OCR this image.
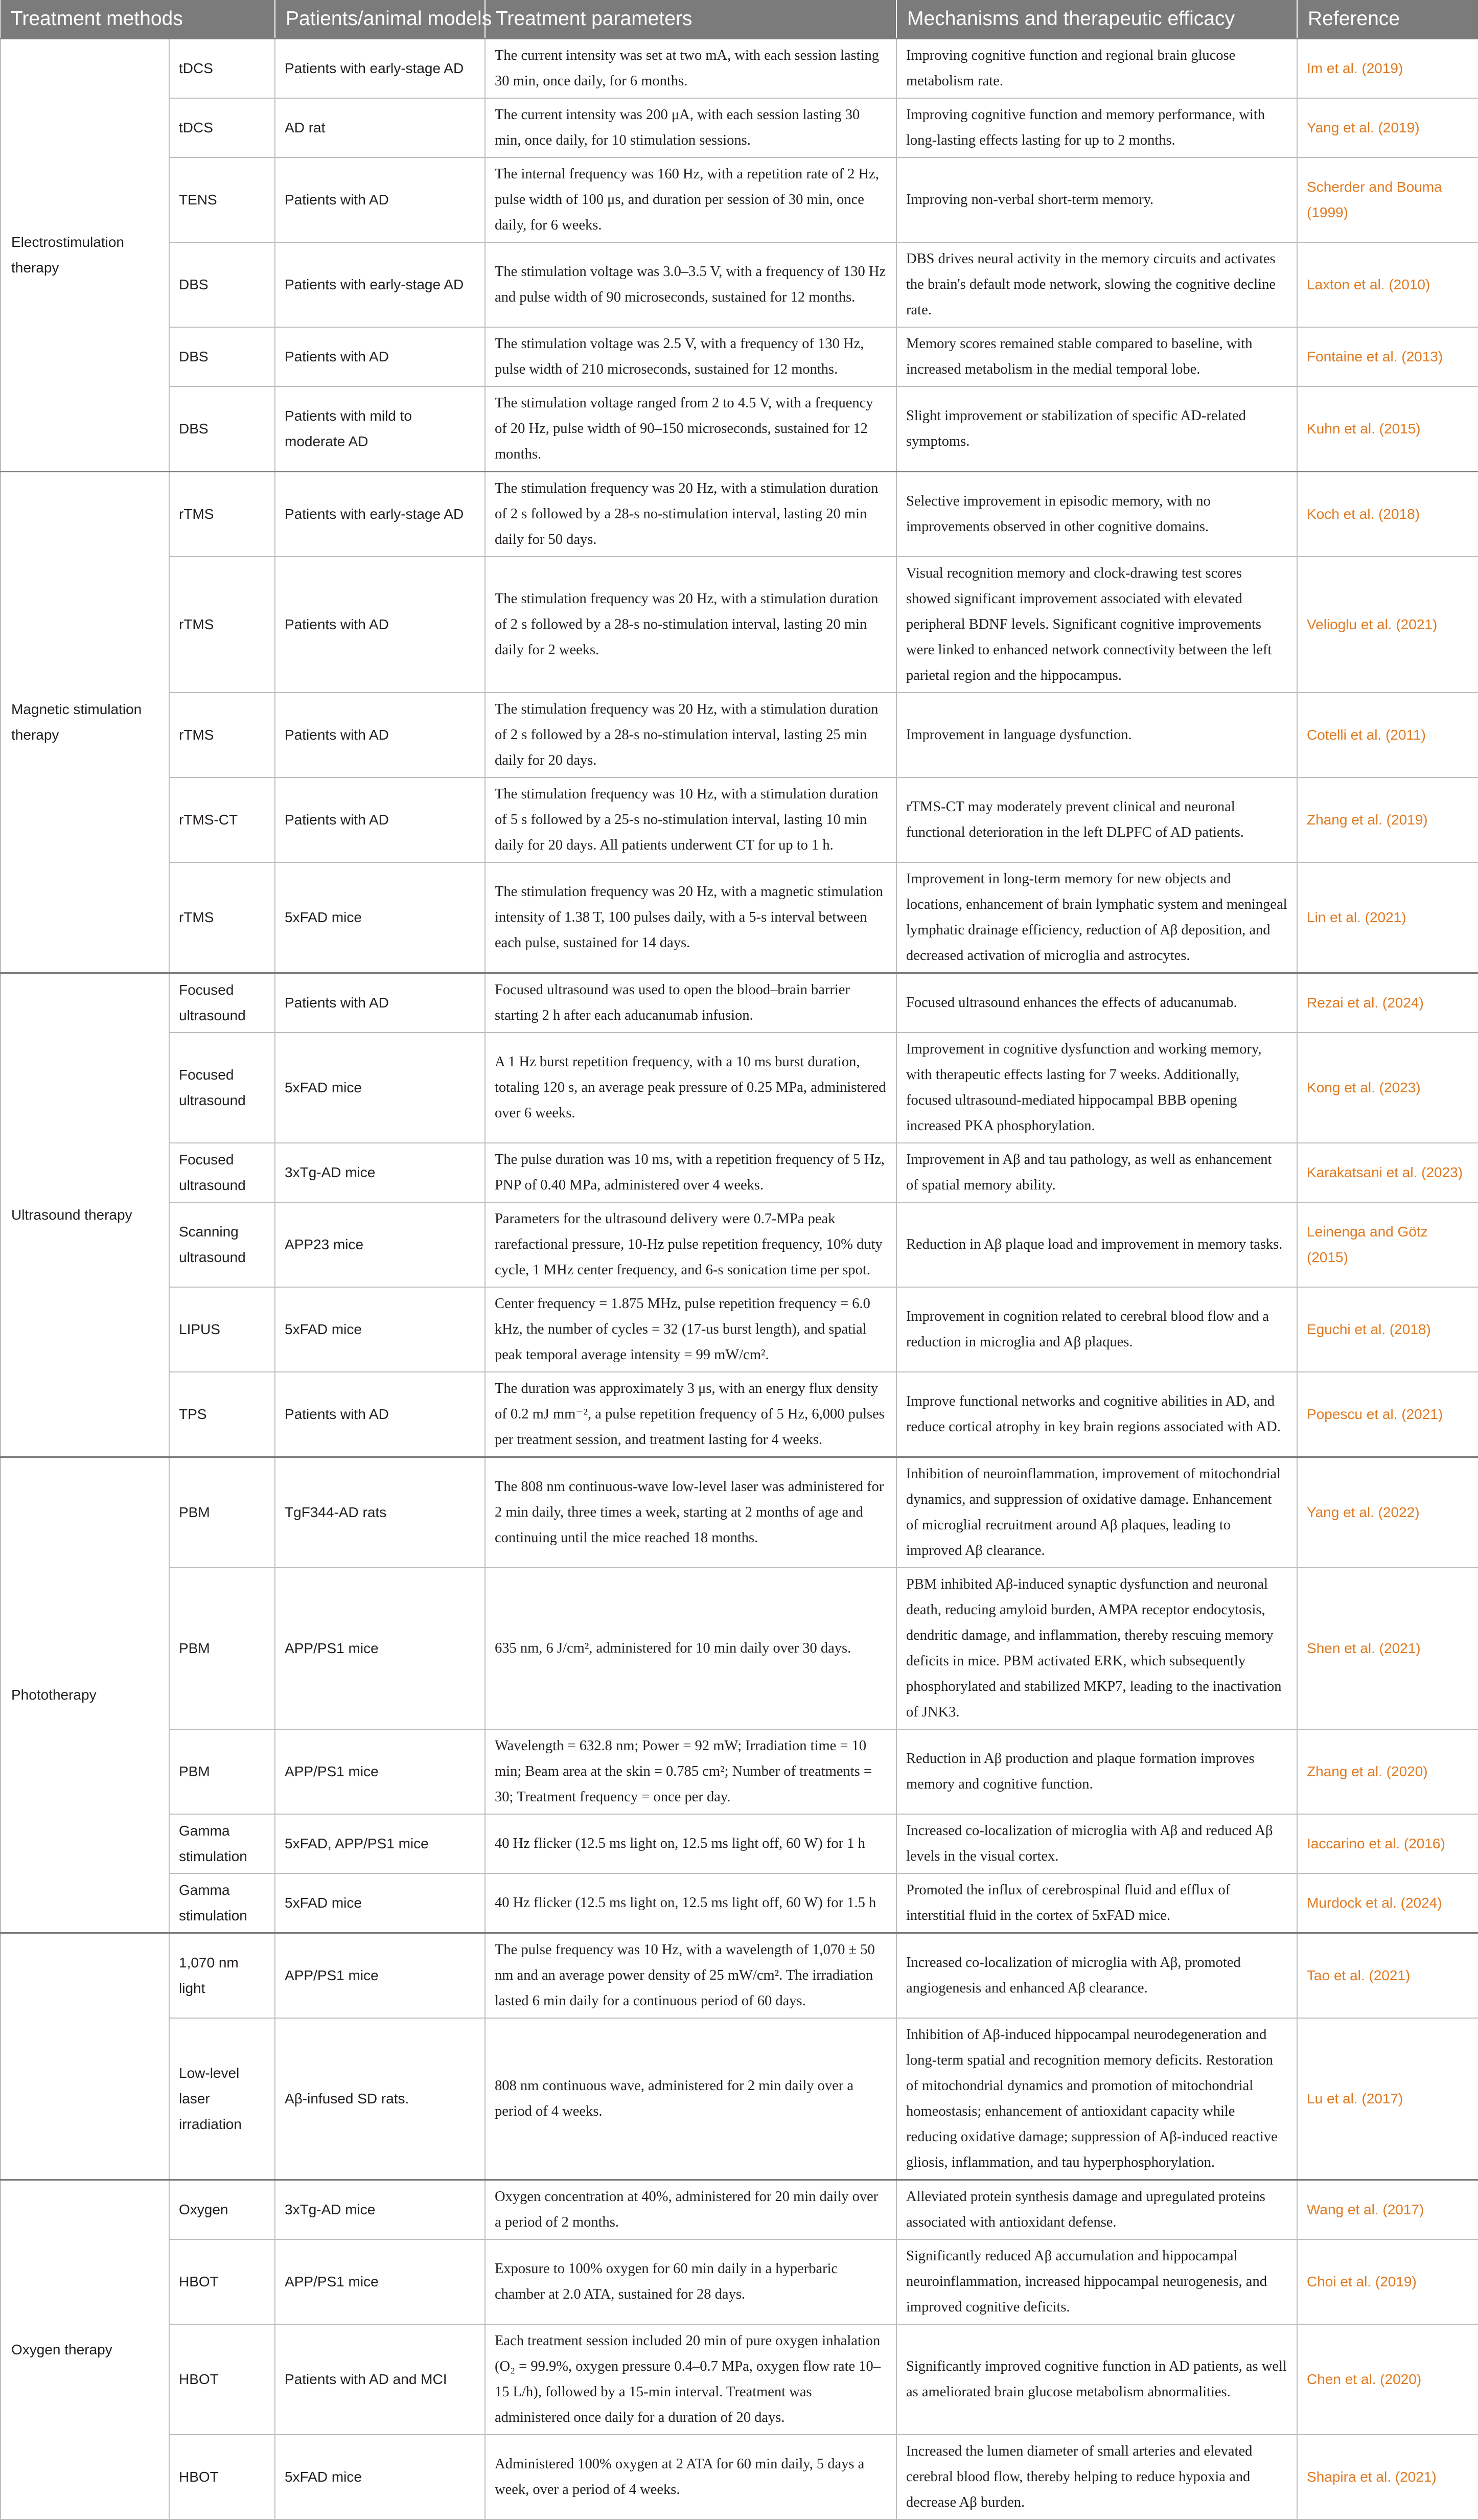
Treatment methods		Patients/animal models	Treatment parameters	Mechanisms and therapeutic efficacy	Reference
Electrostimulation therapy	tDCS	Patients with early-stage AD	The current intensity was set at two mA, with each session lasting 30 min, once daily, for 6 months.	Improving cognitive function and regional brain glucose metabolism rate.	Im et al. (2019)
	tDCS	AD rat	The current intensity was 200 μA, with each session lasting 30 min, once daily, for 10 stimulation sessions.	Improving cognitive function and memory performance, with long-lasting effects lasting for up to 2 months.	Yang et al. (2019)
	TENS	Patients with AD	The internal frequency was 160 Hz, with a repetition rate of 2 Hz, pulse width of 100 μs, and duration per session of 30 min, once daily, for 6 weeks.	Improving non-verbal short-term memory.	Scherder and Bouma (1999)
	DBS	Patients with early-stage AD	The stimulation voltage was 3.0–3.5 V, with a frequency of 130 Hz and pulse width of 90 microseconds, sustained for 12 months.	DBS drives neural activity in the memory circuits and activates the brain's default mode network, slowing the cognitive decline rate.	Laxton et al. (2010)
	DBS	Patients with AD	The stimulation voltage was 2.5 V, with a frequency of 130 Hz, pulse width of 210 microseconds, sustained for 12 months.	Memory scores remained stable compared to baseline, with increased metabolism in the medial temporal lobe.	Fontaine et al. (2013)
	DBS	Patients with mild to moderate AD	The stimulation voltage ranged from 2 to 4.5 V, with a frequency of 20 Hz, pulse width of 90–150 microseconds, sustained for 12 months.	Slight improvement or stabilization of specific AD-related symptoms.	Kuhn et al. (2015)
Magnetic stimulation therapy	rTMS	Patients with early-stage AD	The stimulation frequency was 20 Hz, with a stimulation duration of 2 s followed by a 28-s no-stimulation interval, lasting 20 min daily for 50 days.	Selective improvement in episodic memory, with no improvements observed in other cognitive domains.	Koch et al. (2018)
	rTMS	Patients with AD	The stimulation frequency was 20 Hz, with a stimulation duration of 2 s followed by a 28-s no-stimulation interval, lasting 20 min daily for 2 weeks.	Visual recognition memory and clock-drawing test scores showed significant improvement associated with elevated peripheral BDNF levels. Significant cognitive improvements were linked to enhanced network connectivity between the left parietal region and the hippocampus.	Velioglu et al. (2021)
	rTMS	Patients with AD	The stimulation frequency was 20 Hz, with a stimulation duration of 2 s followed by a 28-s no-stimulation interval, lasting 25 min daily for 20 days.	Improvement in language dysfunction.	Cotelli et al. (2011)
	rTMS-CT	Patients with AD	The stimulation frequency was 10 Hz, with a stimulation duration of 5 s followed by a 25-s no-stimulation interval, lasting 10 min daily for 20 days. All patients underwent CT for up to 1 h.	rTMS-CT may moderately prevent clinical and neuronal functional deterioration in the left DLPFC of AD patients.	Zhang et al. (2019)
	rTMS	5xFAD mice	The stimulation frequency was 20 Hz, with a magnetic stimulation intensity of 1.38 T, 100 pulses daily, with a 5-s interval between each pulse, sustained for 14 days.	Improvement in long-term memory for new objects and locations, enhancement of brain lymphatic system and meningeal lymphatic drainage efficiency, reduction of Aβ deposition, and decreased activation of microglia and astrocytes.	Lin et al. (2021)
Ultrasound therapy	Focused ultrasound	Patients with AD	Focused ultrasound was used to open the blood–brain barrier starting 2 h after each aducanumab infusion.	Focused ultrasound enhances the effects of aducanumab.	Rezai et al. (2024)
	Focused ultrasound	5xFAD mice	A 1 Hz burst repetition frequency, with a 10 ms burst duration, totaling 120 s, an average peak pressure of 0.25 MPa, administered over 6 weeks.	Improvement in cognitive dysfunction and working memory, with therapeutic effects lasting for 7 weeks. Additionally, focused ultrasound-mediated hippocampal BBB opening increased PKA phosphorylation.	Kong et al. (2023)
	Focused ultrasound	3xTg-AD mice	The pulse duration was 10 ms, with a repetition frequency of 5 Hz, PNP of 0.40 MPa, administered over 4 weeks.	Improvement in Aβ and tau pathology, as well as enhancement of spatial memory ability.	Karakatsani et al. (2023)
	Scanning ultrasound	APP23 mice	Parameters for the ultrasound delivery were 0.7-MPa peak rarefactional pressure, 10-Hz pulse repetition frequency, 10% duty cycle, 1 MHz center frequency, and 6-s sonication time per spot.	Reduction in Aβ plaque load and improvement in memory tasks.	Leinenga and Götz (2015)
	LIPUS	5xFAD mice	Center frequency = 1.875 MHz, pulse repetition frequency = 6.0 kHz, the number of cycles = 32 (17-us burst length), and spatial peak temporal average intensity = 99 mW/cm².	Improvement in cognition related to cerebral blood flow and a reduction in microglia and Aβ plaques.	Eguchi et al. (2018)
	TPS	Patients with AD	The duration was approximately 3 μs, with an energy flux density of 0.2 mJ mm⁻², a pulse repetition frequency of 5 Hz, 6,000 pulses per treatment session, and treatment lasting for 4 weeks.	Improve functional networks and cognitive abilities in AD, and reduce cortical atrophy in key brain regions associated with AD.	Popescu et al. (2021)
Phototherapy	PBM	TgF344-AD rats	The 808 nm continuous-wave low-level laser was administered for 2 min daily, three times a week, starting at 2 months of age and continuing until the mice reached 18 months.	Inhibition of neuroinflammation, improvement of mitochondrial dynamics, and suppression of oxidative damage. Enhancement of microglial recruitment around Aβ plaques, leading to improved Aβ clearance.	Yang et al. (2022)
	PBM	APP/PS1 mice	635 nm, 6 J/cm², administered for 10 min daily over 30 days.	PBM inhibited Aβ-induced synaptic dysfunction and neuronal death, reducing amyloid burden, AMPA receptor endocytosis, dendritic damage, and inflammation, thereby rescuing memory deficits in mice. PBM activated ERK, which subsequently phosphorylated and stabilized MKP7, leading to the inactivation of JNK3.	Shen et al. (2021)
	PBM	APP/PS1 mice	Wavelength = 632.8 nm; Power = 92 mW; Irradiation time = 10 min; Beam area at the skin = 0.785 cm²; Number of treatments = 30; Treatment frequency = once per day.	Reduction in Aβ production and plaque formation improves memory and cognitive function.	Zhang et al. (2020)
	Gamma stimulation	5xFAD, APP/PS1 mice	40 Hz flicker (12.5 ms light on, 12.5 ms light off, 60 W) for 1 h	Increased co-localization of microglia with Aβ and reduced Aβ levels in the visual cortex.	Iaccarino et al. (2016)
	Gamma stimulation	5xFAD mice	40 Hz flicker (12.5 ms light on, 12.5 ms light off, 60 W) for 1.5 h	Promoted the influx of cerebrospinal fluid and efflux of interstitial fluid in the cortex of 5xFAD mice.	Murdock et al. (2024)
	1,070 nm light	APP/PS1 mice	The pulse frequency was 10 Hz, with a wavelength of 1,070 ± 50 nm and an average power density of 25 mW/cm². The irradiation lasted 6 min daily for a continuous period of 60 days.	Increased co-localization of microglia with Aβ, promoted angiogenesis and enhanced Aβ clearance.	Tao et al. (2021)
	Low-level laser irradiation	Aβ-infused SD rats.	808 nm continuous wave, administered for 2 min daily over a period of 4 weeks.	Inhibition of Aβ-induced hippocampal neurodegeneration and long-term spatial and recognition memory deficits. Restoration of mitochondrial dynamics and promotion of mitochondrial homeostasis; enhancement of antioxidant capacity while reducing oxidative damage; suppression of Aβ-induced reactive gliosis, inflammation, and tau hyperphosphorylation.	Lu et al. (2017)
Oxygen therapy	Oxygen	3xTg-AD mice	Oxygen concentration at 40%, administered for 20 min daily over a period of 2 months.	Alleviated protein synthesis damage and upregulated proteins associated with antioxidant defense.	Wang et al. (2017)
	HBOT	APP/PS1 mice	Exposure to 100% oxygen for 60 min daily in a hyperbaric chamber at 2.0 ATA, sustained for 28 days.	Significantly reduced Aβ accumulation and hippocampal neuroinflammation, increased hippocampal neurogenesis, and improved cognitive deficits.	Choi et al. (2019)
	HBOT	Patients with AD and MCI	Each treatment session included 20 min of pure oxygen inhalation (O₂ = 99.9%, oxygen pressure 0.4–0.7 MPa, oxygen flow rate 10–15 L/h), followed by a 15-min interval. Treatment was administered once daily for a duration of 20 days.	Significantly improved cognitive function in AD patients, as well as ameliorated brain glucose metabolism abnormalities.	Chen et al. (2020)
	HBOT	5xFAD mice	Administered 100% oxygen at 2 ATA for 60 min daily, 5 days a week, over a period of 4 weeks.	Increased the lumen diameter of small arteries and elevated cerebral blood flow, thereby helping to reduce hypoxia and decrease Aβ burden.	Shapira et al. (2021)
